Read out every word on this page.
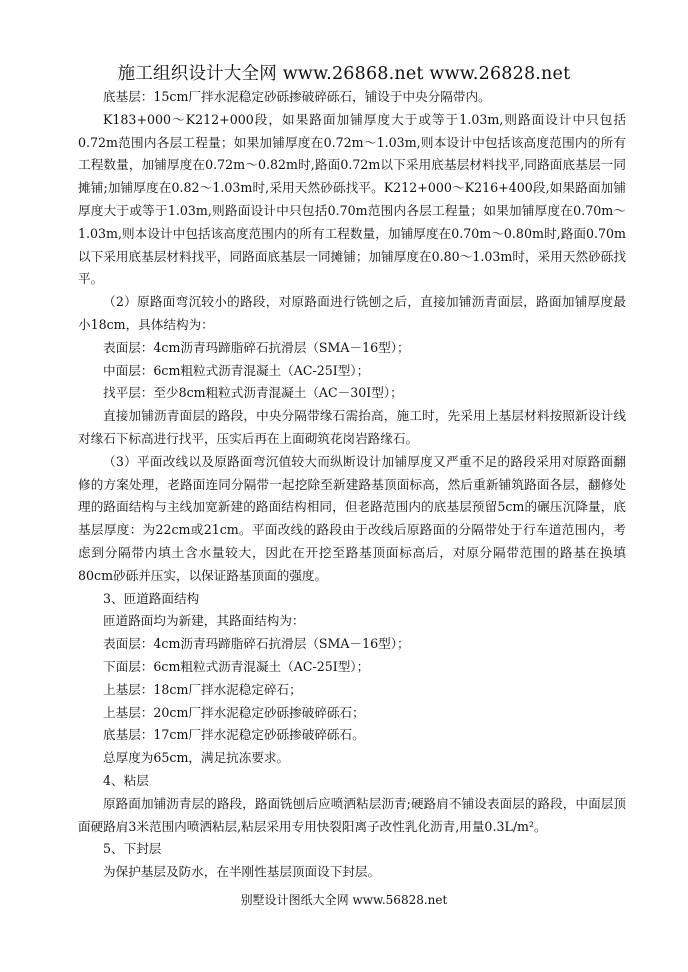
施工组织设计大全网 www.26868.net www.26828.net

底基层：15cm厂拌水泥稳定砂砾掺破碎砾石，铺设于中央分隔带内。

K183+000～K212+000段，如果路面加铺厚度大于或等于1.03m,则路面设计中只包括0.72m范围内各层工程量；如果加铺厚度在0.72m～1.03m,则本设计中包括该高度范围内的所有工程数量，加铺厚度在0.72m～0.82m时,路面0.72m以下采用底基层材料找平,同路面底基层一同摊铺;加铺厚度在0.82～1.03m时,采用天然砂砾找平。K212+000～K216+400段,如果路面加铺厚度大于或等于1.03m,则路面设计中只包括0.70m范围内各层工程量；如果加铺厚度在0.70m～1.03m,则本设计中包括该高度范围内的所有工程数量，加铺厚度在0.70m～0.80m时,路面0.70m以下采用底基层材料找平，同路面底基层一同摊铺；加铺厚度在0.80～1.03m时，采用天然砂砾找平。

（2）原路面弯沉较小的路段，对原路面进行铣刨之后，直接加铺沥青面层，路面加铺厚度最小18cm，具体结构为：

表面层：4cm沥青玛蹄脂碎石抗滑层（SMA－16型）；

中面层：6cm粗粒式沥青混凝土（AC-25I型）；

找平层：至少8cm粗粒式沥青混凝土（AC－30I型）；

直接加铺沥青面层的路段，中央分隔带缘石需抬高，施工时，先采用上基层材料按照新设计线对缘石下标高进行找平，压实后再在上面砌筑花岗岩路缘石。

（3）平面改线以及原路面弯沉值较大而纵断设计加铺厚度又严重不足的路段采用对原路面翻修的方案处理，老路面连同分隔带一起挖除至新建路基顶面标高，然后重新铺筑路面各层，翻修处理的路面结构与主线加宽新建的路面结构相同，但老路范围内的底基层预留5cm的碾压沉降量，底基层厚度：为22cm或21cm。平面改线的路段由于改线后原路面的分隔带处于行车道范围内，考虑到分隔带内填土含水量较大，因此在开挖至路基顶面标高后，对原分隔带范围的路基在换填80cm砂砾并压实，以保证路基顶面的强度。

3、匝道路面结构

匝道路面均为新建，其路面结构为：

表面层：4cm沥青玛蹄脂碎石抗滑层（SMA－16型）；

下面层：6cm粗粒式沥青混凝土（AC-25I型）；

上基层：18cm厂拌水泥稳定碎石；

上基层：20cm厂拌水泥稳定砂砾掺破碎砾石；

底基层：17cm厂拌水泥稳定砂砾掺破碎砾石。

总厚度为65cm，满足抗冻要求。

4、粘层

原路面加铺沥青层的路段，路面铣刨后应喷洒粘层沥青;硬路肩不铺设表面层的路段，中面层顶面硬路肩3米范围内喷洒粘层,粘层采用专用快裂阳离子改性乳化沥青,用量0.3L/m²。

5、下封层

为保护基层及防水，在半刚性基层顶面设下封层。

别墅设计图纸大全网 www.56828.net
